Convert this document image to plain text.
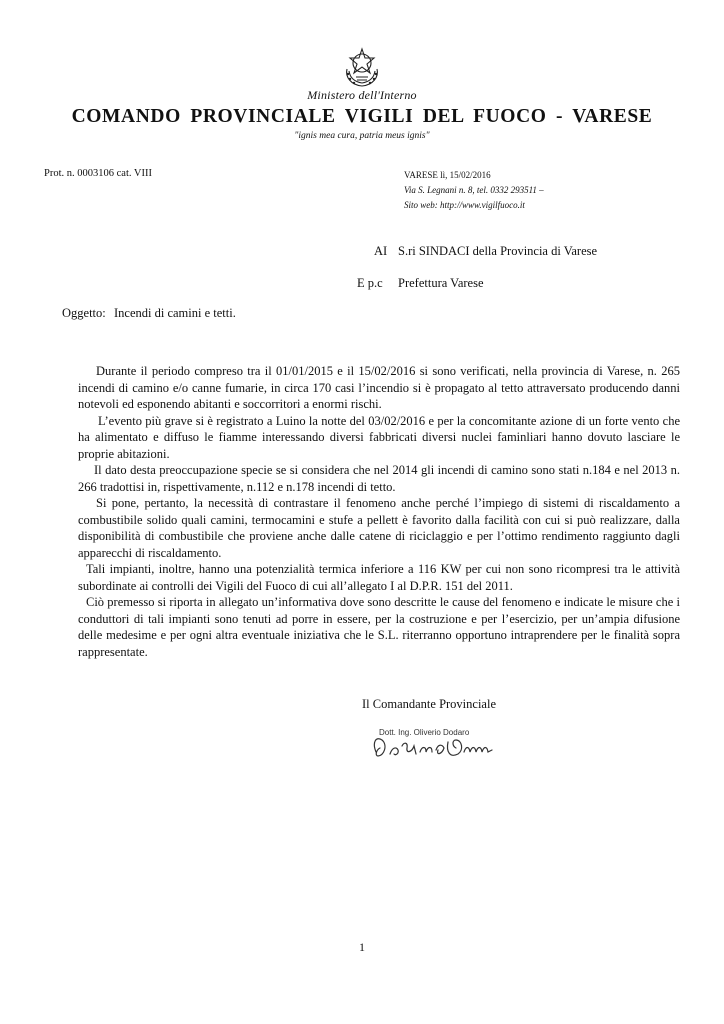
Ministero dell'Interno
COMANDO PROVINCIALE VIGILI DEL FUOCO - VARESE
"ignis mea cura, patria meus ignis"
Prot. n. 0003106 cat. VIII	VARESE lì, 15/02/2016
Via S. Legnani n. 8, tel. 0332 293511 –
Sito web: http://www.vigilfuoco.it
AI S.ri SINDACI della Provincia di Varese
E p.c Prefettura Varese
Oggetto: Incendi di camini e tetti.

Durante il periodo compreso tra il 01/01/2015 e il 15/02/2016 si sono verificati, nella provincia di Varese, n. 265 incendi di camino e/o canne fumarie, in circa 170 casi l’incendio si è propagato al tetto attraversato producendo danni notevoli ed esponendo abitanti e soccorritori a enormi rischi.

L’evento più grave si è registrato a Luino la notte del 03/02/2016 e per la concomitante azione di un forte vento che ha alimentato e diffuso le fiamme interessando diversi fabbricati diversi nuclei faminliari hanno dovuto lasciare le proprie abitazioni.

Il dato desta preoccupazione specie se si considera che nel 2014 gli incendi di camino sono stati n.184 e nel 2013 n. 266 tradottisi in, rispettivamente, n.112 e n.178 incendi di tetto.

Si pone, pertanto, la necessità di contrastare il fenomeno anche perché l’impiego di sistemi di riscaldamento a combustibile solido quali camini, termocamini e stufe a pellett è favorito dalla facilità con cui si può realizzare, dalla disponibilità di combustibile che proviene anche dalle catene di riciclaggio e per l’ottimo rendimento raggiunto dagli apparecchi di riscaldamento.

Tali impianti, inoltre, hanno una potenzialità termica inferiore a 116 KW per cui non sono ricompresi tra le attività subordinate ai controlli dei Vigili del Fuoco di cui all’allegato I al D.P.R. 151 del 2011.

Ciò premesso si riporta in allegato un’informativa dove sono descritte le cause del fenomeno e indicate le misure che i conduttori di tali impianti sono tenuti ad porre in essere, per la costruzione e per l’esercizio, per un’ampia difusione delle medesime e per ogni altra eventuale iniziativa che le S.L. riterranno opportuno intraprendere per le finalità sopra rappresentate.

Il Comandante Provinciale
Dott. Ing. Oliverio Dodaro
1
